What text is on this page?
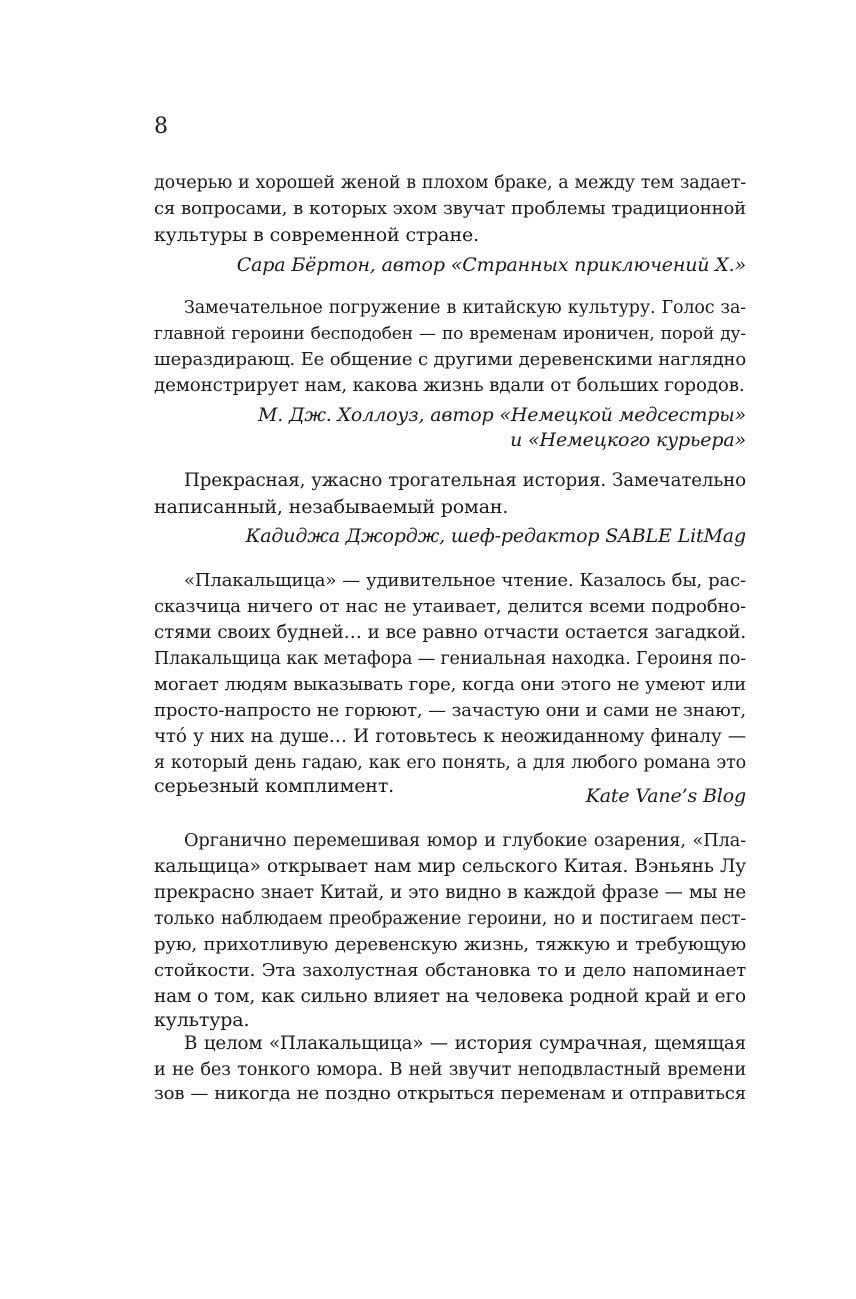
8
дочерью и хорошей женой в плохом браке, а между тем задает-
ся вопросами, в которых эхом звучат проблемы традиционной
культуры в современной стране.
Сара Бёртон, автор «Странных приключений Х.»
Замечательное погружение в китайскую культуру. Голос за-
главной героини бесподобен — по временам ироничен, порой ду-
шераздирающ. Ее общение с другими деревенскими наглядно
демонстрирует нам, какова жизнь вдали от больших городов.
М. Дж. Холлоуз, автор «Немецкой медсестры»
и «Немецкого курьера»
Прекрасная, ужасно трогательная история. Замечательно
написанный, незабываемый роман.
Кадиджа Джордж, шеф-редактор SABLE LitMag
«Плакальщица» — удивительное чтение. Казалось бы, рас-
сказчица ничего от нас не утаивает, делится всеми подробно-
стями своих будней… и все равно отчасти остается загадкой.
Плакальщица как метафора — гениальная находка. Героиня по-
могает людям выказывать горе, когда они этого не умеют или
просто-напросто не горюют, — зачастую они и сами не знают,
что́ у них на душе… И готовьтесь к неожиданному финалу —
я который день гадаю, как его понять, а для любого романа это
серьезный комплимент.	Kate Vane’s Blog
Органично перемешивая юмор и глубокие озарения, «Пла-
кальщица» открывает нам мир сельского Китая. Вэньянь Лу
прекрасно знает Китай, и это видно в каждой фразе — мы не
только наблюдаем преображение героини, но и постигаем пест-
рую, прихотливую деревенскую жизнь, тяжкую и требующую
стойкости. Эта захолустная обстановка то и дело напоминает
нам о том, как сильно влияет на человека родной край и его
культура.
В целом «Плакальщица» — история сумрачная, щемящая
и не без тонкого юмора. В ней звучит неподвластный времени
зов — никогда не поздно открыться переменам и отправиться
